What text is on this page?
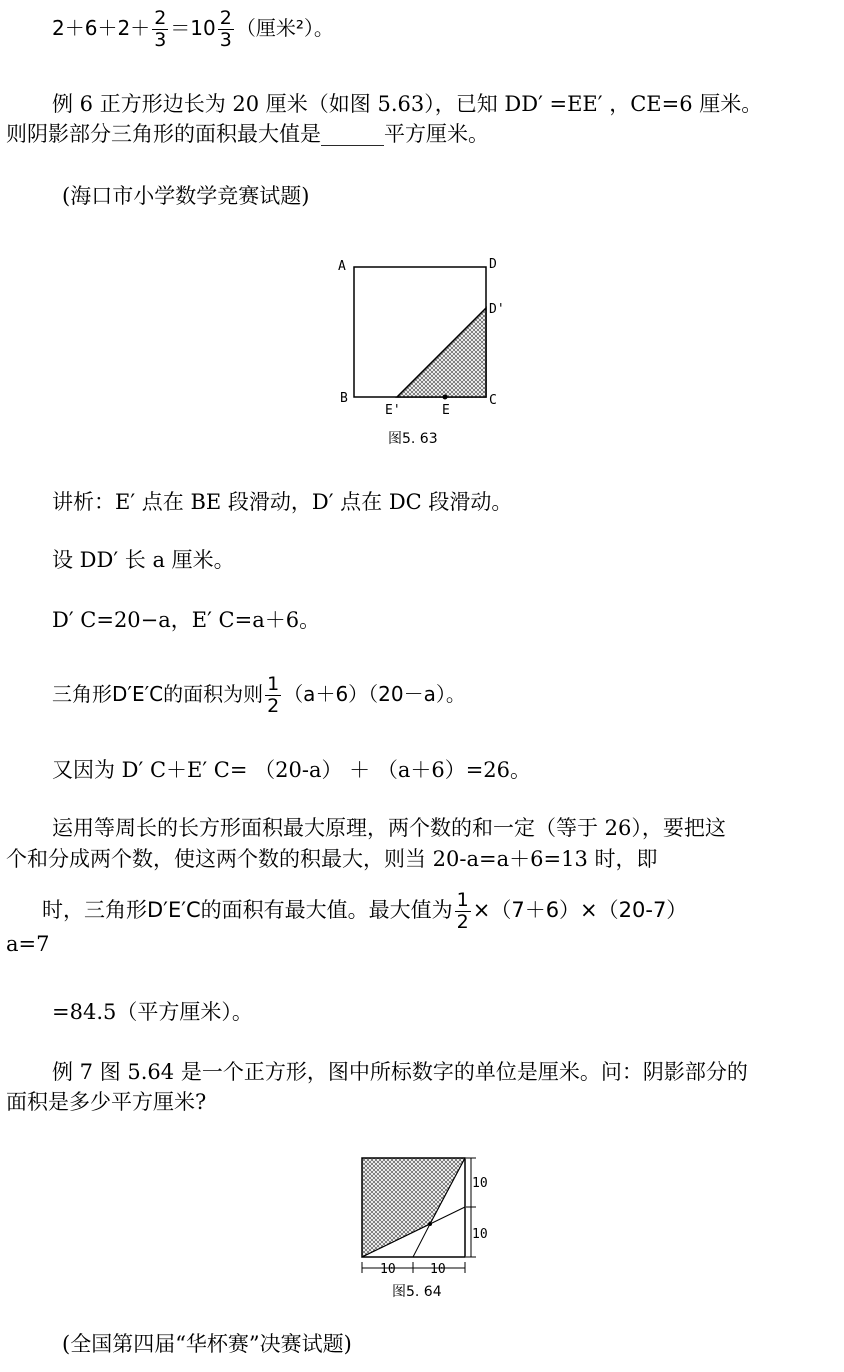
$2+6+2+ \frac{2}{3} =10 \frac{2}{3}$ （厘米²）。
例 6 正方形边长为 20 厘米（如图 5.63），已知 DD′ =EE′ ，CE=6 厘米。
则阴影部分三角形的面积最大值是______平方厘米。
(海口市小学数学竞赛试题)
A	D
D'
B	C
E'	E
图5. 63
讲析：E′ 点在 BE 段滑动，D′ 点在 DC 段滑动。
设 DD′ 长 a 厘米。
D′ C=20−a，E′ C=a＋6。
三角形D′E′C的面积为则 $\frac{1}{2} (a+6)(20-a)$。
又因为 D′ C＋E′ C= （20-a） ＋ （a＋6）=26。
运用等周长的长方形面积最大原理，两个数的和一定（等于 26），要把这
个和分成两个数，使这两个数的积最大，则当 20-a=a＋6=13 时，即
a=7
时，三角形D′E′C的面积有最大值。最大值为 $\frac{1}{2} \times(7+6)\times(20-7)$
=84.5（平方厘米）。
例 7 图 5.64 是一个正方形，图中所标数字的单位是厘米。问：阴影部分的
面积是多少平方厘米?
10
10
10	10
图5. 64
(全国第四届“华杯赛”决赛试题)
